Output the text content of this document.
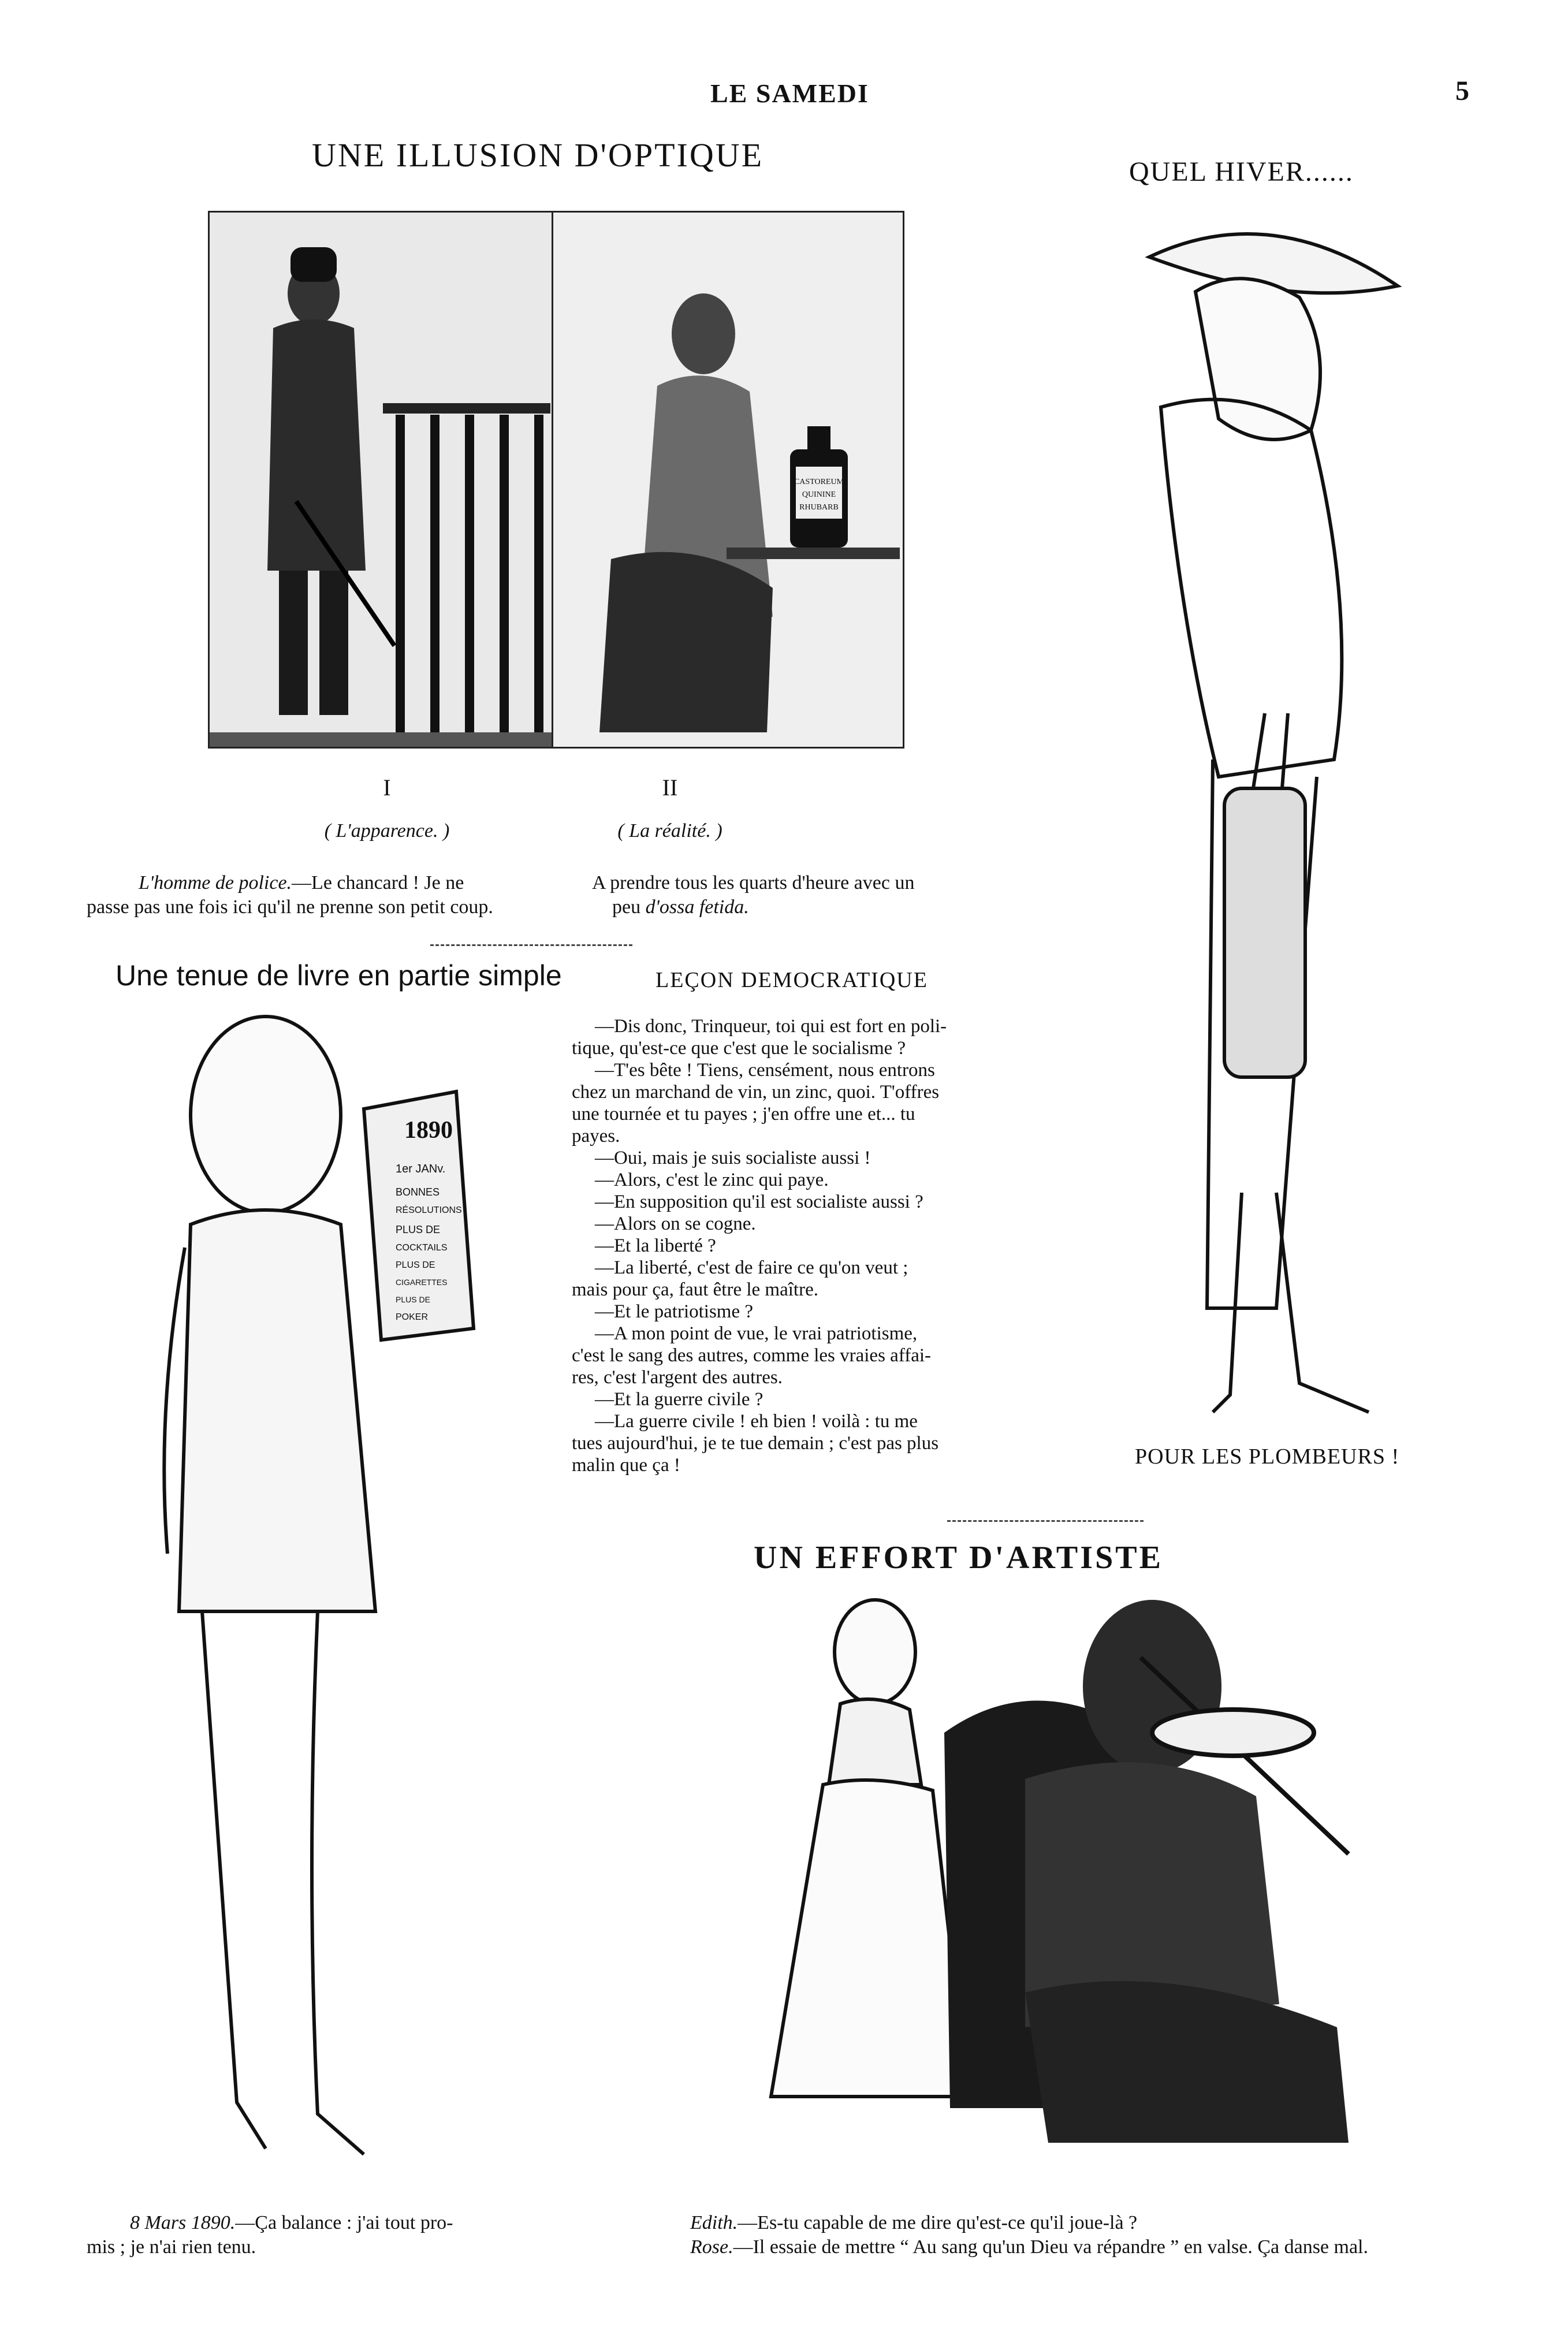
LE SAMEDI	5
UNE ILLUSION D'OPTIQUE
CASTOREUM
QUININE
RHUBARB
I	II
( L'apparence. )	( La réalité. )
L'homme de police.—Le chancard ! Je ne
passe pas une fois ici qu'il ne prenne son petit coup.
A prendre tous les quarts d'heure avec un
peu d'ossa fetida.
QUEL HIVER......
POUR LES PLOMBEURS !
Une tenue de livre en partie simple
1890
1er JANv.
BONNES
RÉSOLUTIONS
PLUS DE
COCKTAILS
PLUS DE
CIGARETTES
PLUS DE
POKER
8 Mars 1890.—Ça balance : j'ai tout pro-
mis ; je n'ai rien tenu.
LEÇON DEMOCRATIQUE
—Dis donc, Trinqueur, toi qui est fort en poli-
tique, qu'est-ce que c'est que le socialisme ?
—T'es bête ! Tiens, censément, nous entrons
chez un marchand de vin, un zinc, quoi. T'offres
une tournée et tu payes ; j'en offre une et... tu
payes.
—Oui, mais je suis socialiste aussi !
—Alors, c'est le zinc qui paye.
—En supposition qu'il est socialiste aussi ?
—Alors on se cogne.
—Et la liberté ?
—La liberté, c'est de faire ce qu'on veut ;
mais pour ça, faut être le maître.
—Et le patriotisme ?
—A mon point de vue, le vrai patriotisme,
c'est le sang des autres, comme les vraies affai-
res, c'est l'argent des autres.
—Et la guerre civile ?
—La guerre civile ! eh bien ! voilà : tu me
tues aujourd'hui, je te tue demain ; c'est pas plus
malin que ça !
UN EFFORT D'ARTISTE
Edith.—Es-tu capable de me dire qu'est-ce qu'il joue-là ?
Rose.—Il essaie de mettre “ Au sang qu'un Dieu va répandre ” en valse. Ça danse mal.
